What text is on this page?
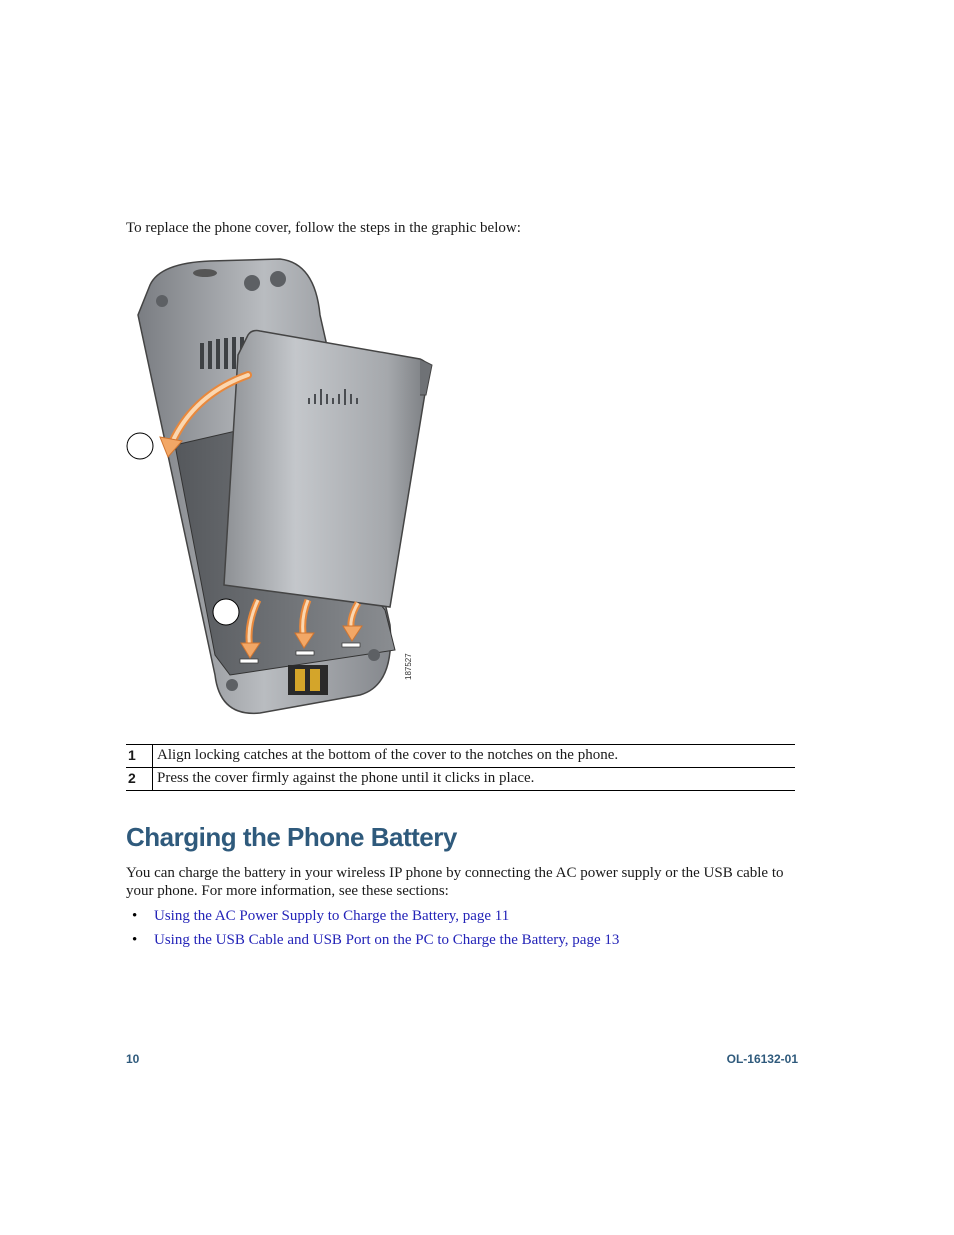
To replace the phone cover, follow the steps in the graphic below:
187527
1	Align locking catches at the bottom of the cover to the notches on the phone.
2	Press the cover firmly against the phone until it clicks in place.
Charging the Phone Battery
You can charge the battery in your wireless IP phone by connecting the AC power supply or the USB cable to your phone. For more information, see these sections:
• Using the AC Power Supply to Charge the Battery, page 11
• Using the USB Cable and USB Port on the PC to Charge the Battery, page 13
10	OL-16132-01
